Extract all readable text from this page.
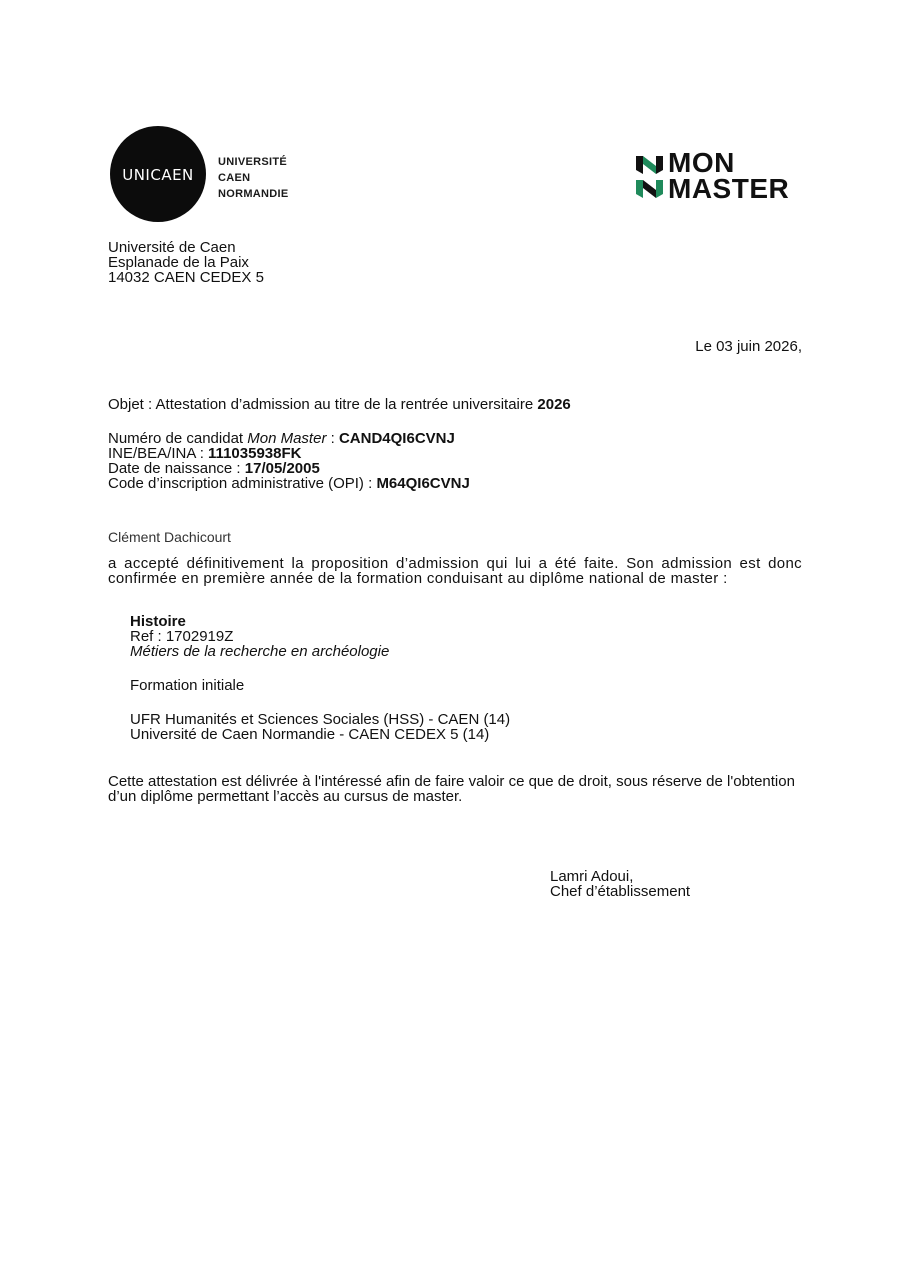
UNICAEN
UNIVERSITÉ
CAEN
NORMANDIE
MON
MASTER
Université de Caen
Esplanade de la Paix
14032 CAEN CEDEX 5
Le 03 juin 2026,
Objet : Attestation d’admission au titre de la rentrée universitaire 2026
Numéro de candidat Mon Master : CAND4QI6CVNJ
INE/BEA/INA : 111035938FK
Date de naissance : 17/05/2005
Code d’inscription administrative (OPI) : M64QI6CVNJ
Clément Dachicourt
a accepté définitivement la proposition d’admission qui lui a été faite. Son admission est donc confirmée en première année de la formation conduisant au diplôme national de master :
Histoire
Ref : 1702919Z
Métiers de la recherche en archéologie
Formation initiale
UFR Humanités et Sciences Sociales (HSS) - CAEN (14)
Université de Caen Normandie - CAEN CEDEX 5 (14)
Cette attestation est délivrée à l'intéressé afin de faire valoir ce que de droit, sous réserve de l'obtention d’un diplôme permettant l’accès au cursus de master.
Lamri Adoui,
Chef d’établissement
